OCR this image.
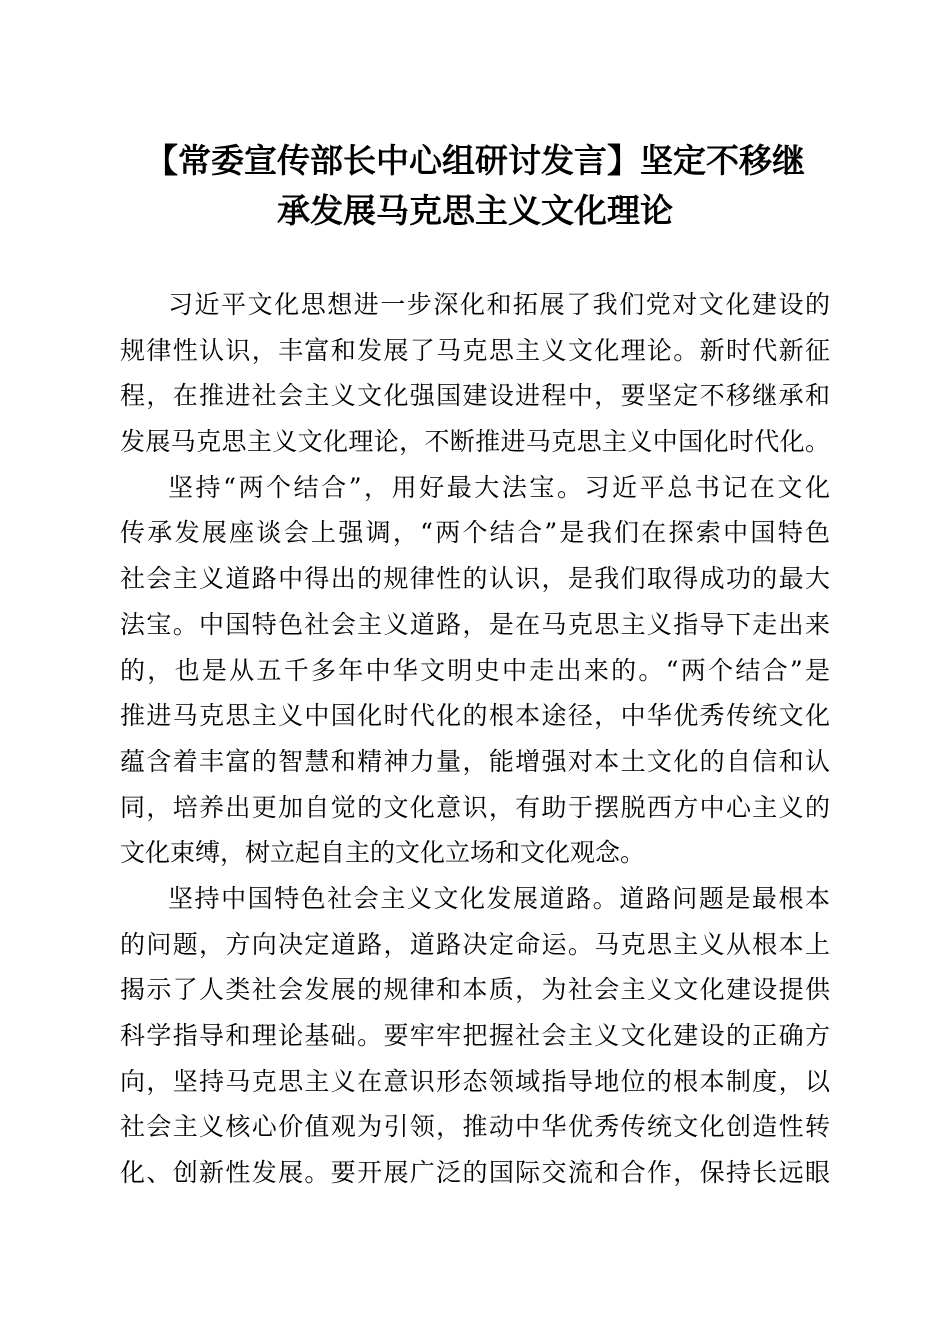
【常委宣传部长中心组研讨发言】坚定不移继
承发展马克思主义文化理论

习近平文化思想进一步深化和拓展了我们党对文化建设的
规律性认识，丰富和发展了马克思主义文化理论。新时代新征
程，在推进社会主义文化强国建设进程中，要坚定不移继承和
发展马克思主义文化理论，不断推进马克思主义中国化时代化。

坚持“两个结合”，用好最大法宝。习近平总书记在文化
传承发展座谈会上强调，“两个结合”是我们在探索中国特色
社会主义道路中得出的规律性的认识，是我们取得成功的最大
法宝。中国特色社会主义道路，是在马克思主义指导下走出来
的，也是从五千多年中华文明史中走出来的。“两个结合”是
推进马克思主义中国化时代化的根本途径，中华优秀传统文化
蕴含着丰富的智慧和精神力量，能增强对本土文化的自信和认
同，培养出更加自觉的文化意识，有助于摆脱西方中心主义的
文化束缚，树立起自主的文化立场和文化观念。

坚持中国特色社会主义文化发展道路。道路问题是最根本
的问题，方向决定道路，道路决定命运。马克思主义从根本上
揭示了人类社会发展的规律和本质，为社会主义文化建设提供
科学指导和理论基础。要牢牢把握社会主义文化建设的正确方
向，坚持马克思主义在意识形态领域指导地位的根本制度，以
社会主义核心价值观为引领，推动中华优秀传统文化创造性转
化、创新性发展。要开展广泛的国际交流和合作，保持长远眼
